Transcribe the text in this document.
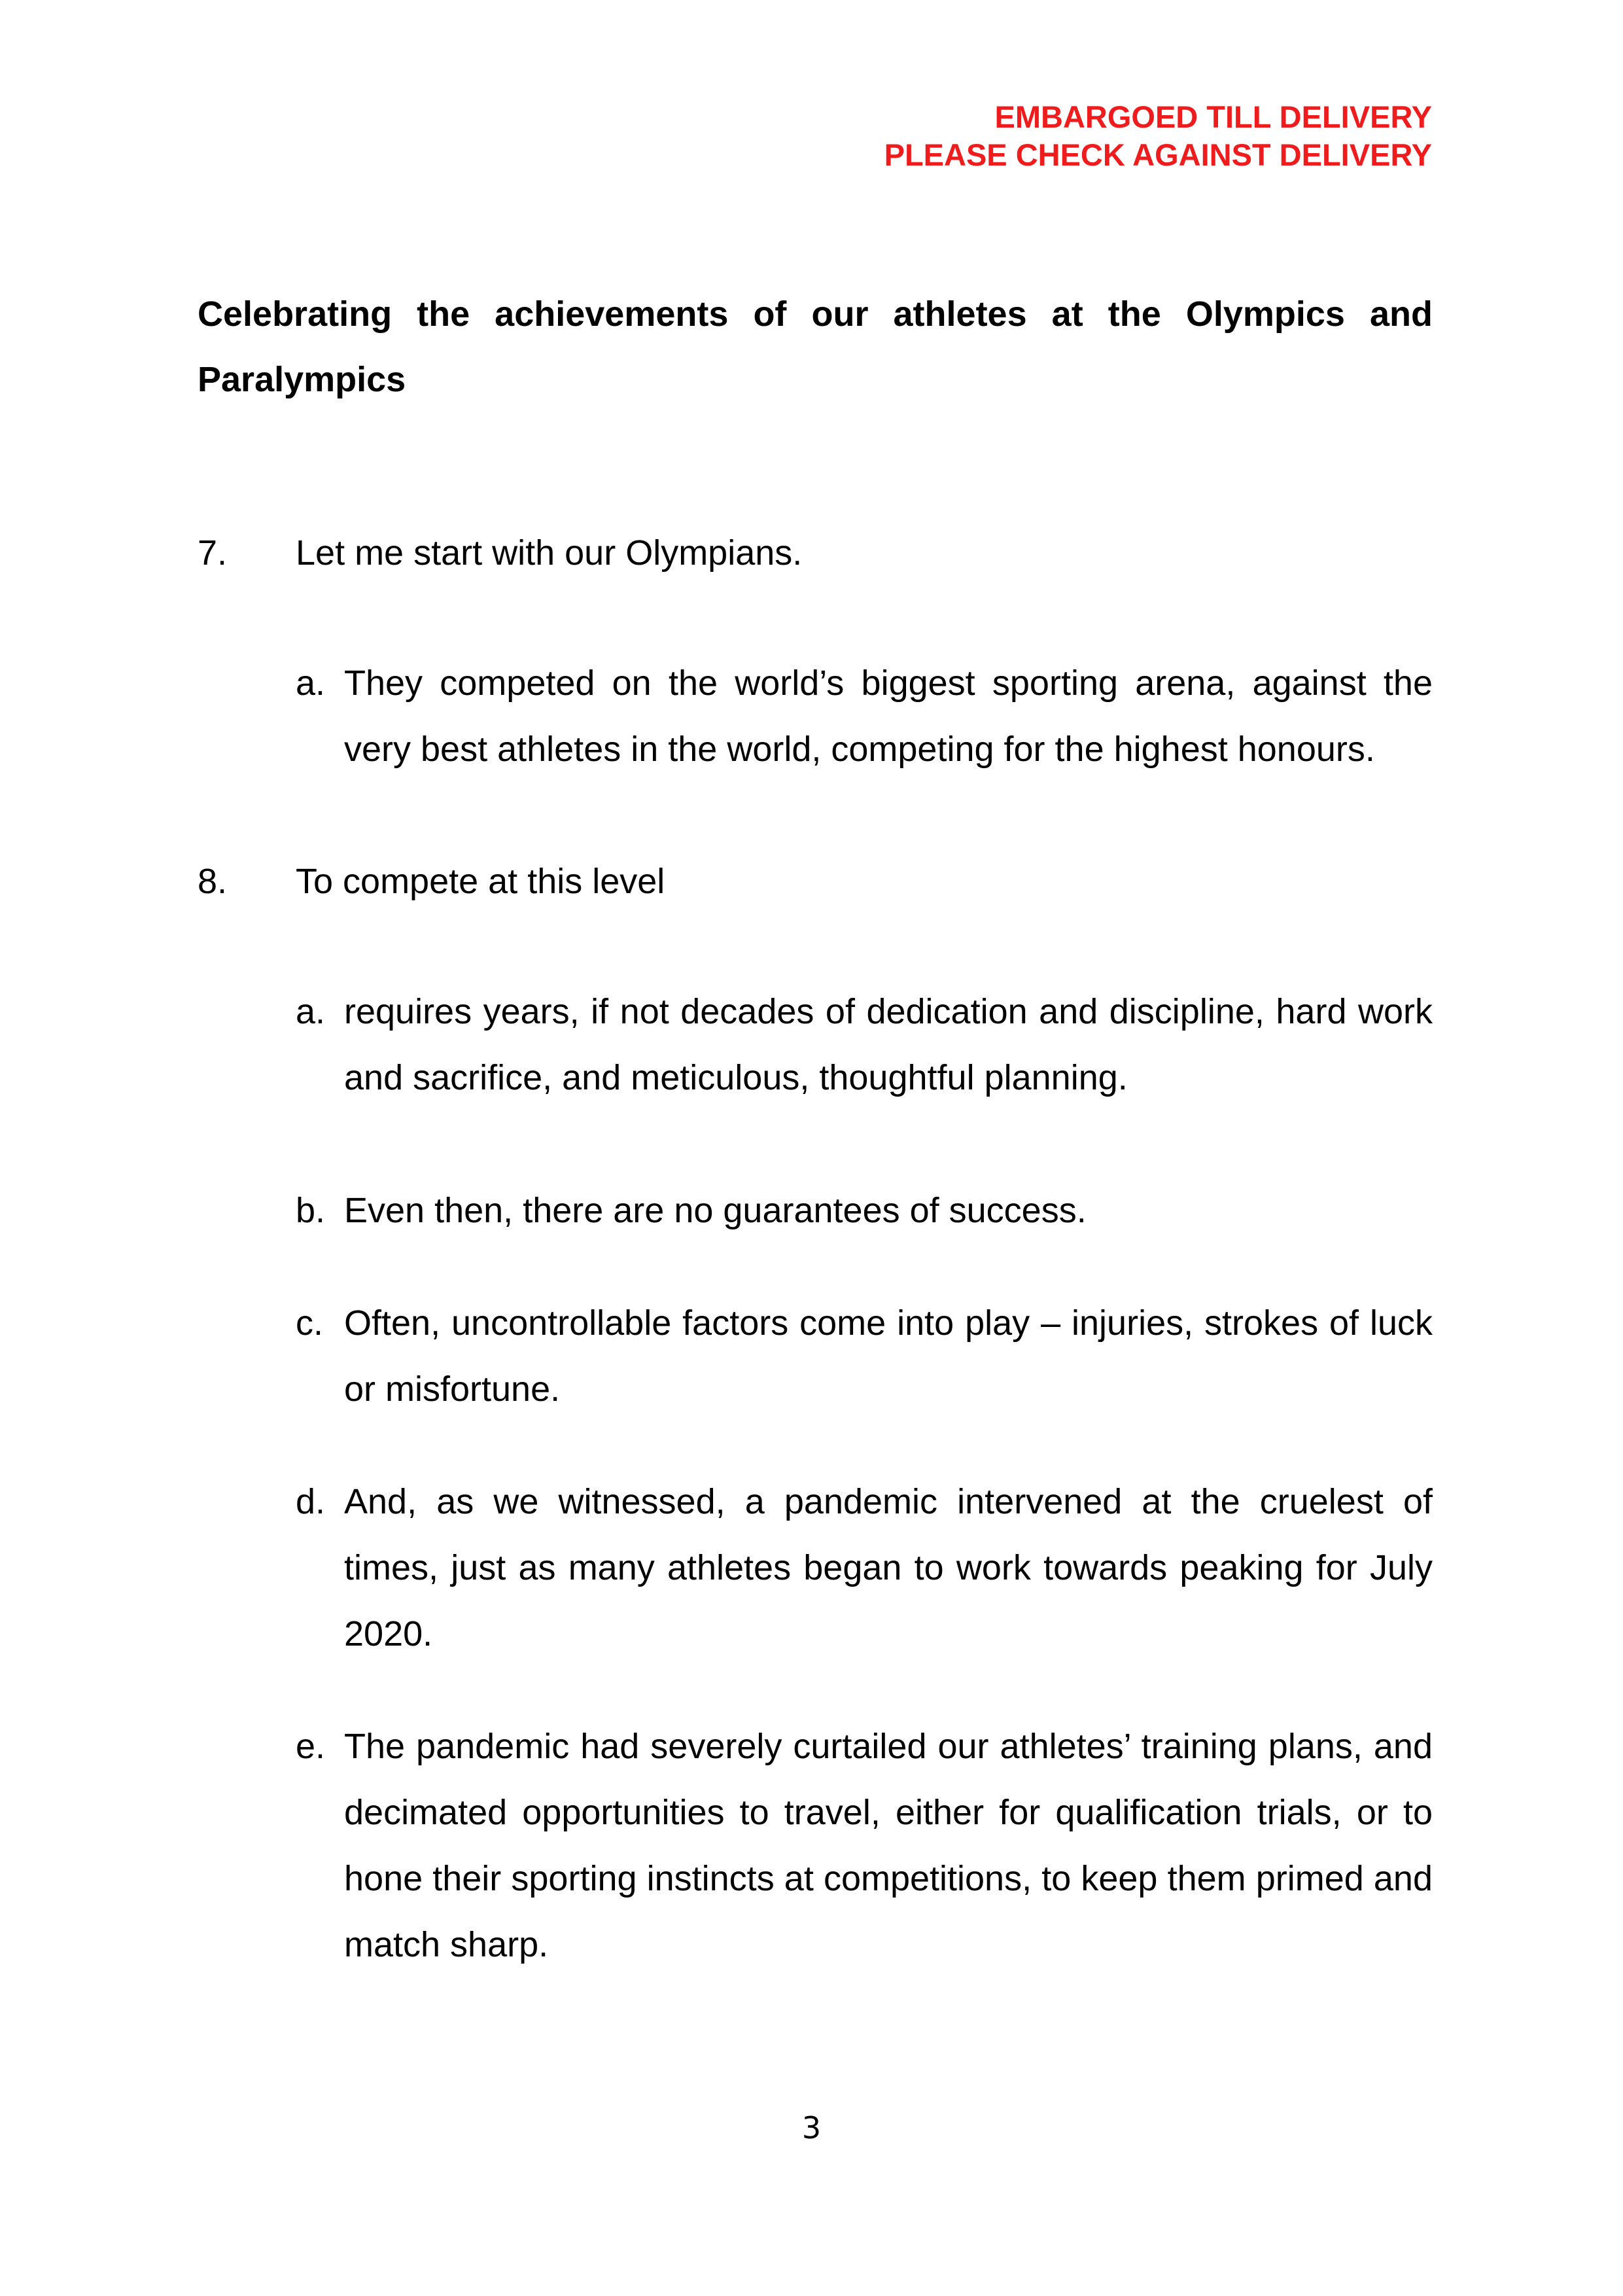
EMBARGOED TILL DELIVERY
PLEASE CHECK AGAINST DELIVERY
Celebrating the achievements of our athletes at the Olympics and Paralympics
7. Let me start with our Olympians.
a. They competed on the world’s biggest sporting arena, against the very best athletes in the world, competing for the highest honours.
8. To compete at this level
a. requires years, if not decades of dedication and discipline, hard work and sacrifice, and meticulous, thoughtful planning.
b. Even then, there are no guarantees of success.
c. Often, uncontrollable factors come into play – injuries, strokes of luck or misfortune.
d. And, as we witnessed, a pandemic intervened at the cruelest of times, just as many athletes began to work towards peaking for July 2020.
e. The pandemic had severely curtailed our athletes’ training plans, and decimated opportunities to travel, either for qualification trials, or to hone their sporting instincts at competitions, to keep them primed and match sharp.
3
